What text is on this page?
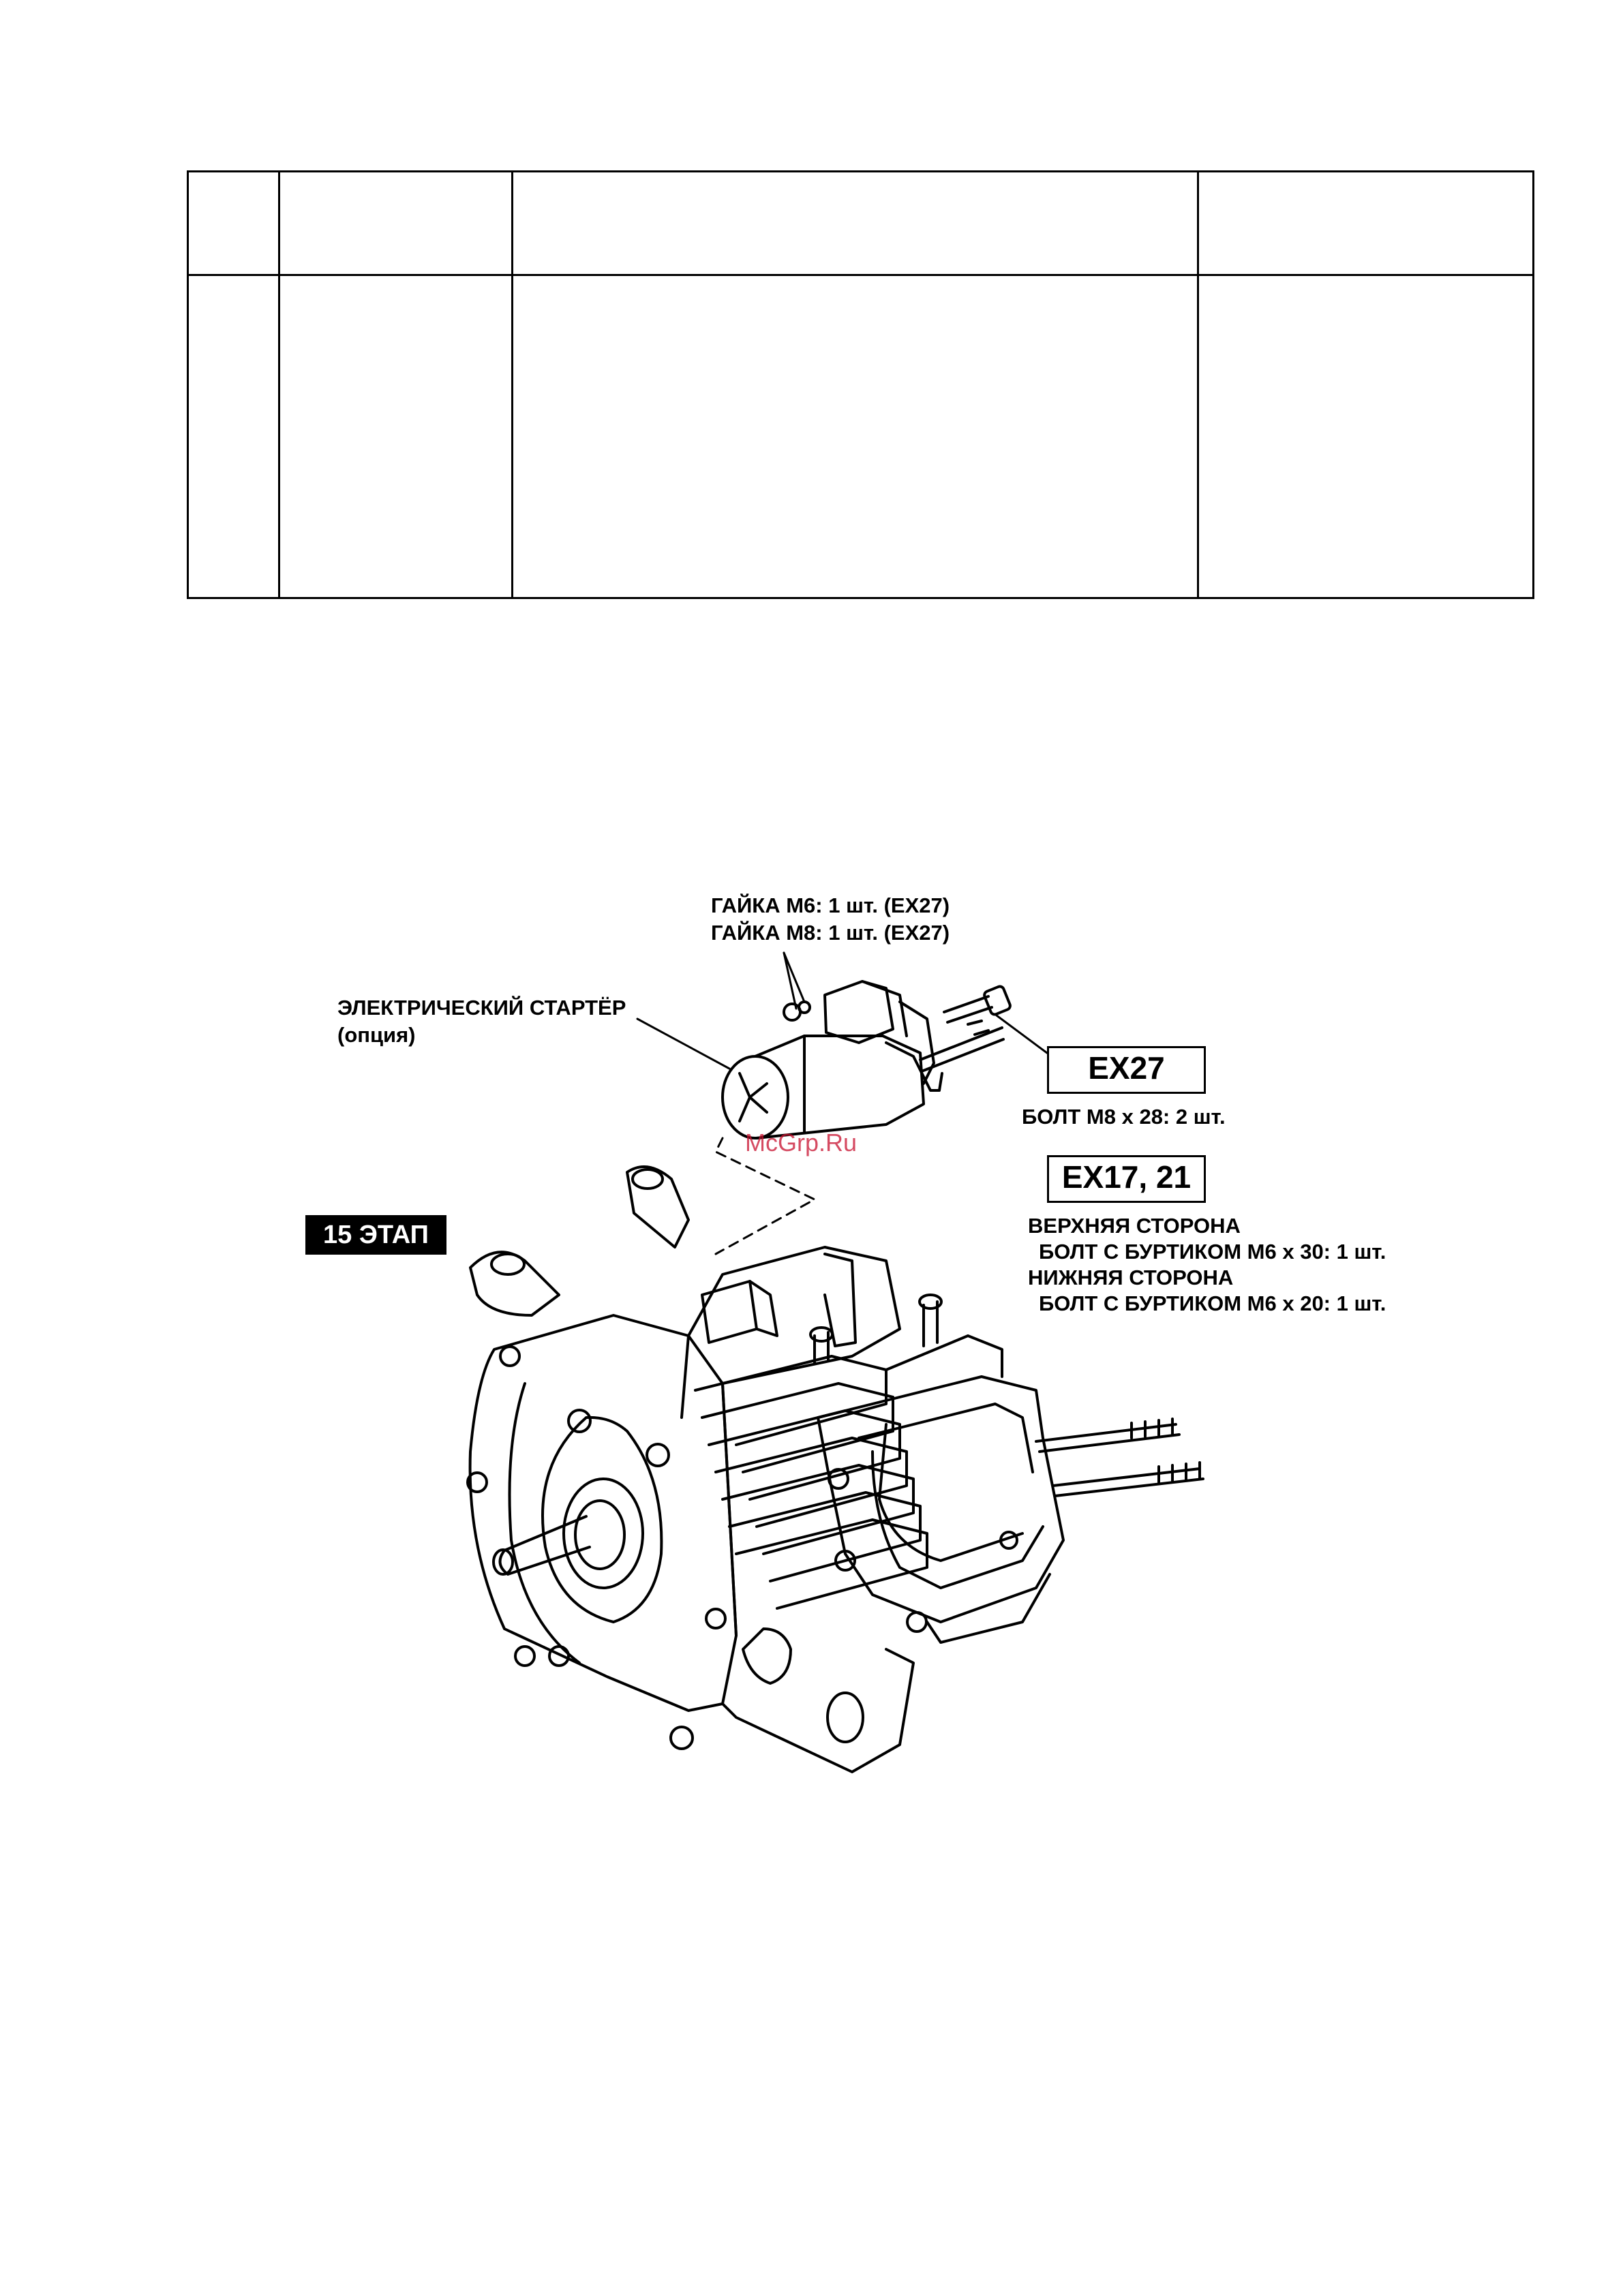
ГАЙКА М6: 1 шт. (EX27)
ГАЙКА М8: 1 шт. (EX27)
ЭЛЕКТРИЧЕСКИЙ СТАРТЁР
(опция)
EX27
БОЛТ М8 х 28: 2 шт.
EX17, 21
ВЕРХНЯЯ СТОРОНА
БОЛТ С БУРТИКОМ М6 х 30: 1 шт.
НИЖНЯЯ СТОРОНА
БОЛТ С БУРТИКОМ М6 х 20: 1 шт.
15 ЭТАП
McGrp.Ru
